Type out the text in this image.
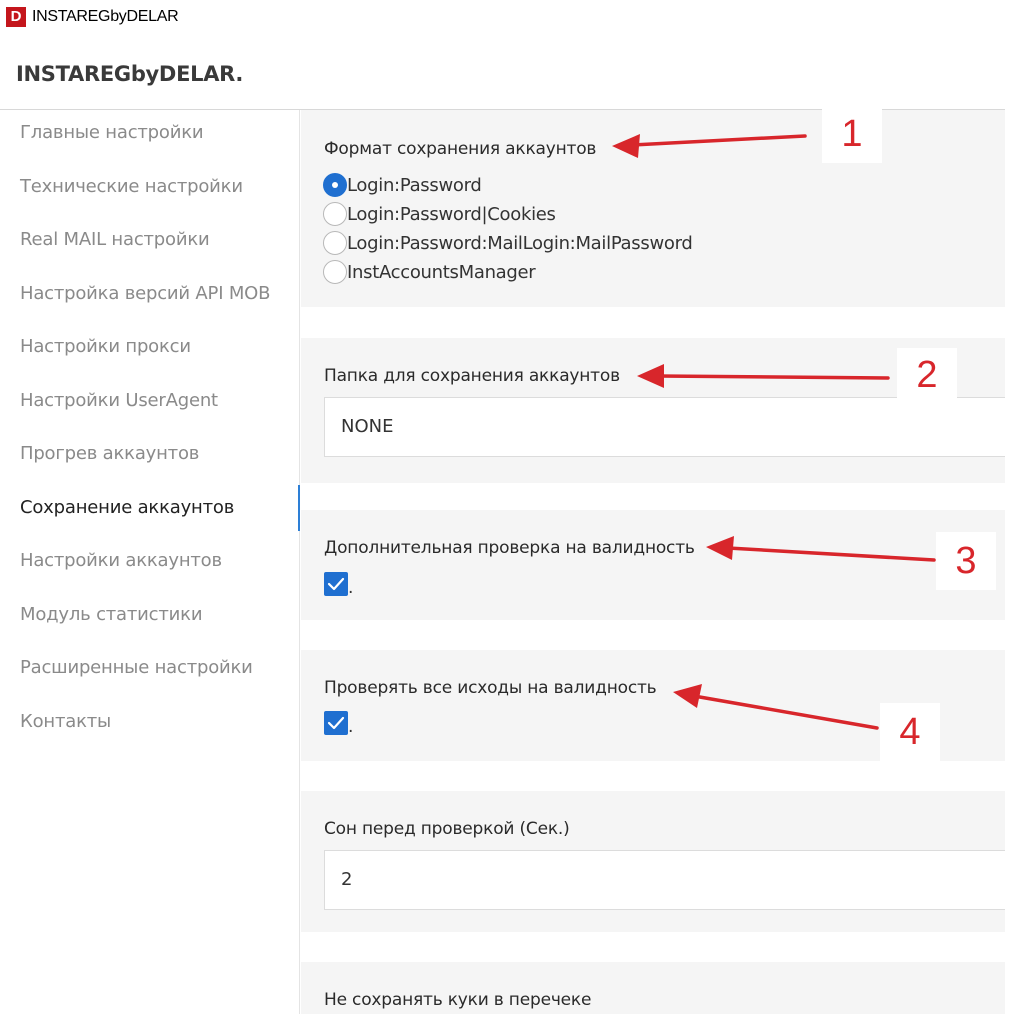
D INSTAREGbyDELAR
INSTAREGbyDELAR.
Главные настройки
Технические настройки
Real MAIL настройки
Настройка версий API MOB
Настройки прокси
Настройки UserAgent
Прогрев аккаунтов
Сохранение аккаунтов
Настройки аккаунтов
Модуль статистики
Расширенные настройки
Контакты
Формат сохранения аккаунтов
Login:Password
Login:Password|Cookies
Login:Password:MailLogin:MailPassword
InstAccountsManager
Папка для сохранения аккаунтов
NONE
Дополнительная проверка на валидность
.
Проверять все исходы на валидность
.
Сон перед проверкой (Сек.)
2
Не сохранять куки в перечеке
1
2
3
4
